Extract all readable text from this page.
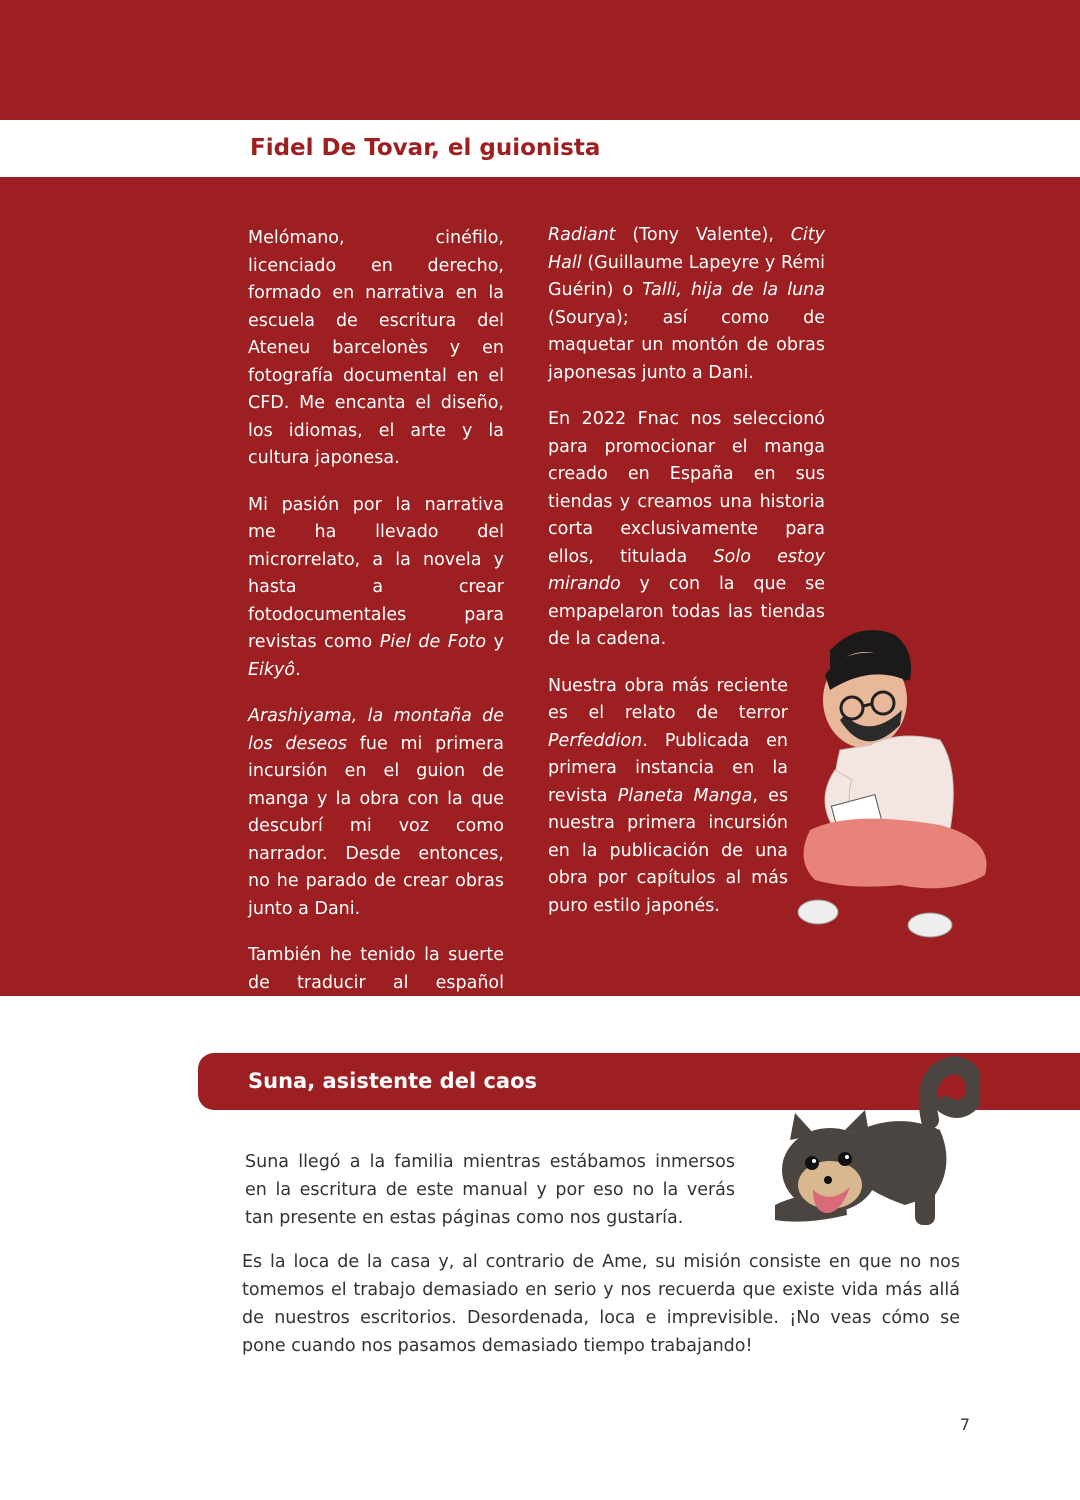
Fidel De Tovar, el guionista

Melómano, cinéfilo, licenciado en derecho, formado en narrativa en la escuela de escritura del Ateneu barcelonès y en fotografía documental en el CFD. Me encanta el diseño, los idiomas, el arte y la cultura japonesa.

Mi pasión por la narrativa me ha llevado del microrrelato, a la novela y hasta a crear fotodocumentales para revistas como Piel de Foto y Eikyô.

Arashiyama, la montaña de los deseos fue mi primera incursión en el guion de manga y la obra con la que descubrí mi voz como narrador. Desde entonces, no he parado de crear obras junto a Dani.

También he tenido la suerte de traducir al español mangas franceses de éxito como

Radiant (Tony Valente), City Hall (Guillaume Lapeyre y Rémi Guérin) o Talli, hija de la luna (Sourya); así como de maquetar un montón de obras japonesas junto a Dani.

En 2022 Fnac nos seleccionó para promocionar el manga creado en España en sus tiendas y creamos una historia corta exclusivamente para ellos, titulada Solo estoy mirando y con la que se empapelaron todas las tiendas de la cadena.

Nuestra obra más reciente es el relato de terror Perfeddion. Publicada en primera instancia en la revista Planeta Manga, es nuestra primera incursión en la publicación de una obra por capítulos al más puro estilo japonés.

Suna, asistente del caos

Suna llegó a la familia mientras estábamos inmersos en la escritura de este manual y por eso no la verás tan presente en estas páginas como nos gustaría.

Es la loca de la casa y, al contrario de Ame, su misión consiste en que no nos tomemos el trabajo demasiado en serio y nos recuerda que existe vida más allá de nuestros escritorios. Desordenada, loca e imprevisible. ¡No veas cómo se pone cuando nos pasamos demasiado tiempo trabajando!

7
